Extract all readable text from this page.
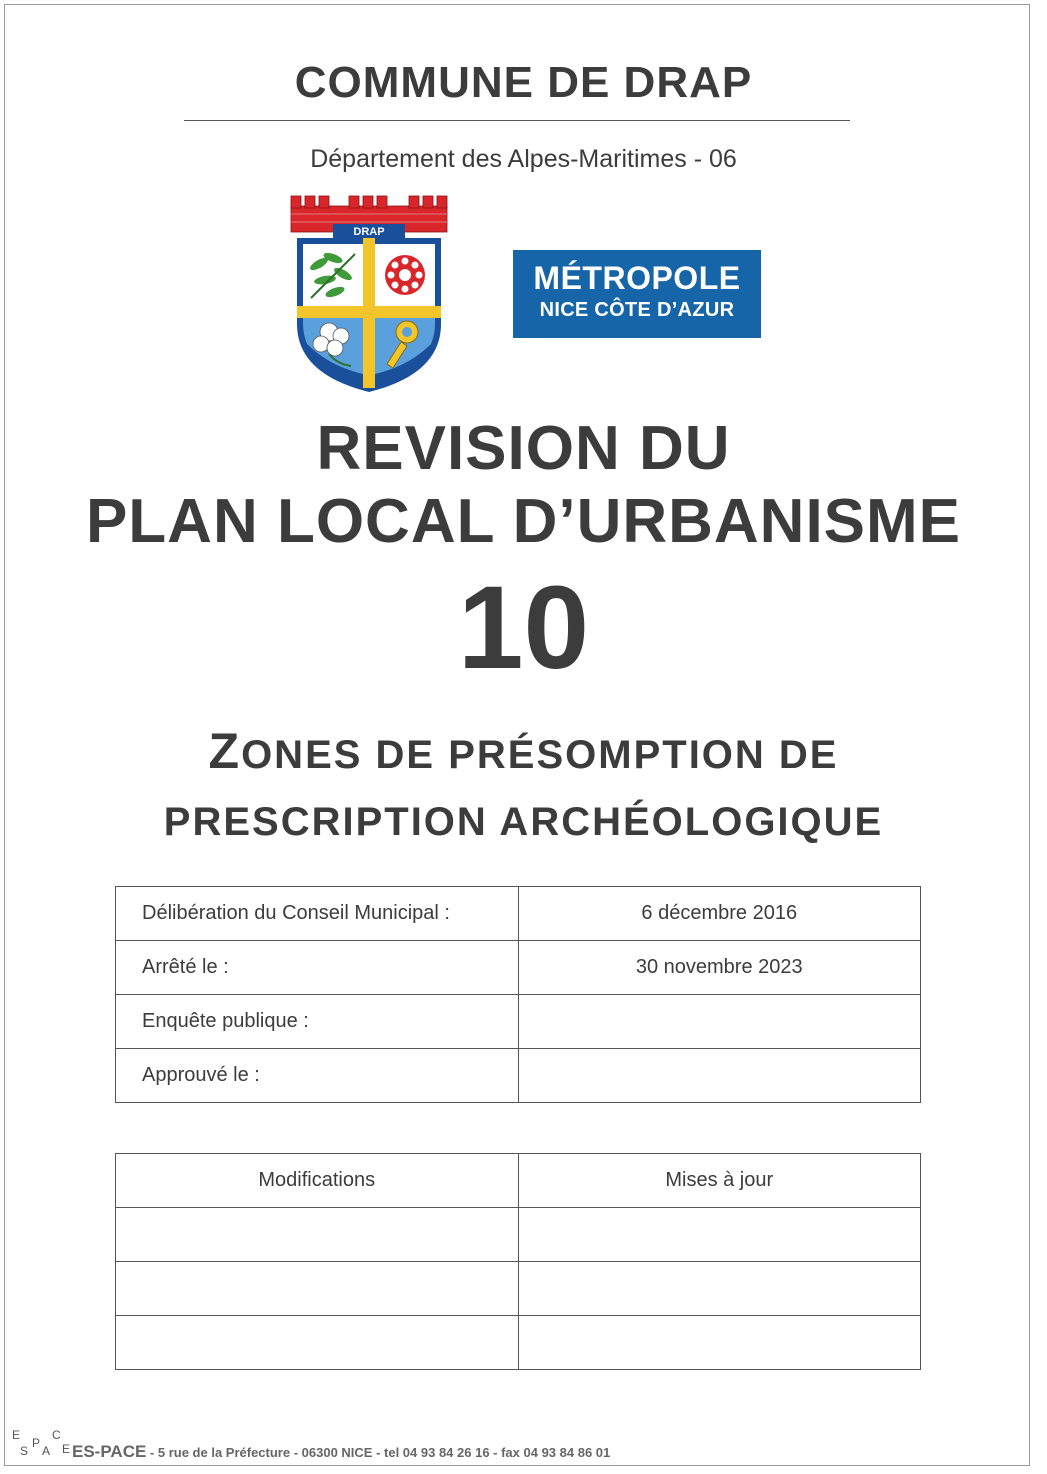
COMMUNE DE DRAP
Département des Alpes-Maritimes - 06
DRAP
MÉTROPOLE
NICE CÔTE D’AZUR
REVISION DU
PLAN LOCAL D’URBANISME
10
ZONES DE PRÉSOMPTION DE
PRESCRIPTION ARCHÉOLOGIQUE
Délibération du Conseil Municipal :	6 décembre 2016
Arrêté le :	30 novembre 2023
Enquête publique :	
Approuvé le :	
Modifications	Mises à jour

E
S
P
A
C
E ES-PACE - 5 rue de la Préfecture - 06300 NICE - tel 04 93 84 26 16 - fax 04 93 84 86 01
